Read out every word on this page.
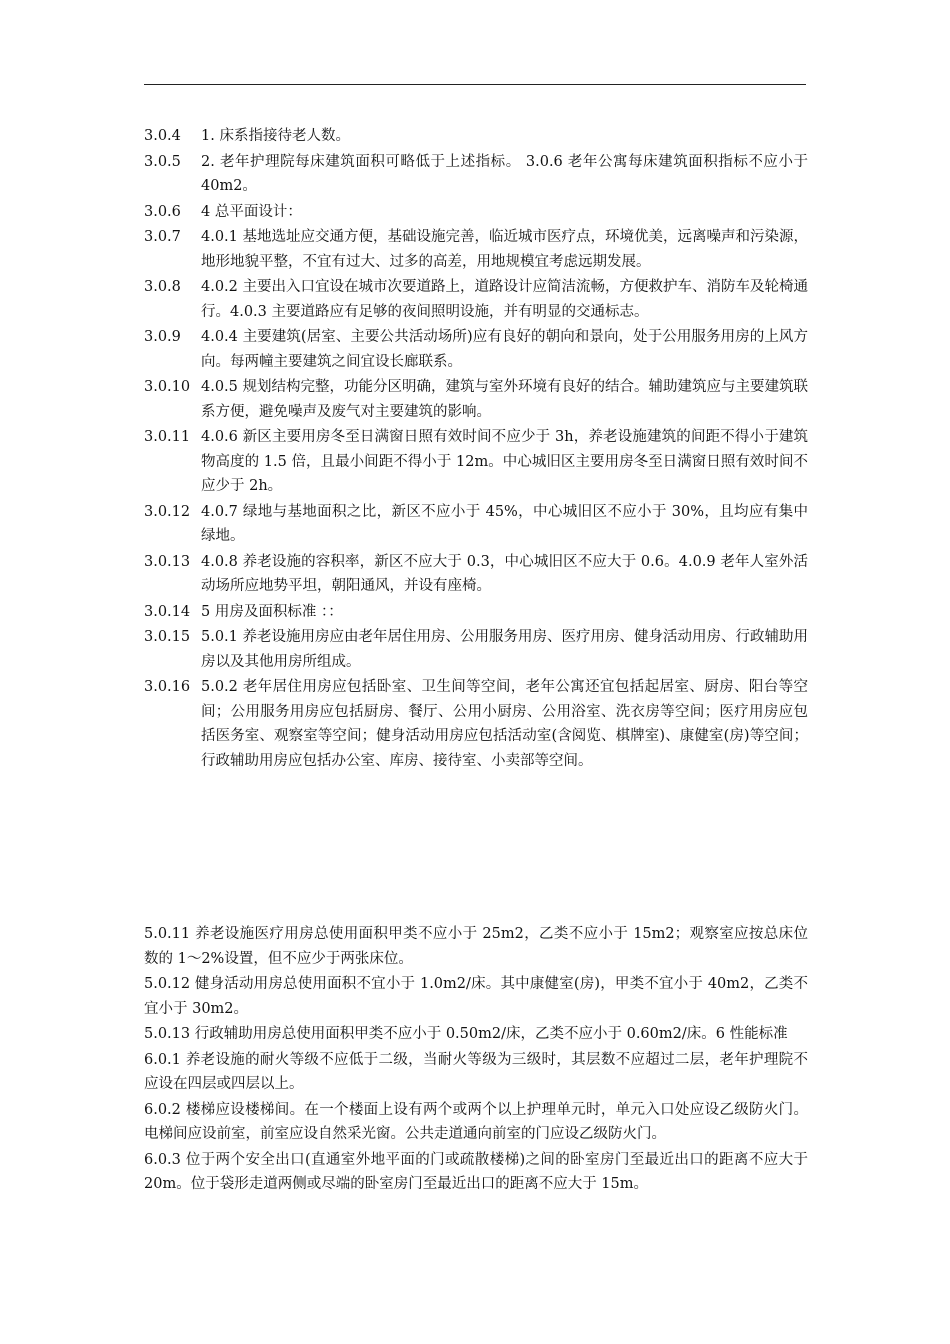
3.0.4	1. 床系指接待老人数。
3.0.5	2. 老年护理院每床建筑面积可略低于上述指标。 3.0.6 老年公寓每床建筑面积指标不应小于 40m2。
3.0.6	4 总平面设计：
3.0.7	4.0.1 基地选址应交通方便，基础设施完善，临近城市医疗点，环境优美，远离噪声和污染源，地形地貌平整，不宜有过大、过多的高差，用地规模宜考虑远期发展。
3.0.8	4.0.2 主要出入口宜设在城市次要道路上，道路设计应简洁流畅，方便救护车、消防车及轮椅通行。4.0.3 主要道路应有足够的夜间照明设施，并有明显的交通标志。
3.0.9	4.0.4 主要建筑(居室、主要公共活动场所)应有良好的朝向和景向，处于公用服务用房的上风方向。每两幢主要建筑之间宜设长廊联系。
3.0.10 4.0.5 规划结构完整，功能分区明确，建筑与室外环境有良好的结合。辅助建筑应与主要建筑联系方便，避免噪声及废气对主要建筑的影响。
3.0.11 4.0.6 新区主要用房冬至日满窗日照有效时间不应少于 3h，养老设施建筑的间距不得小于建筑物高度的 1.5 倍，且最小间距不得小于 12m。中心城旧区主要用房冬至日满窗日照有效时间不应少于 2h。
3.0.12 4.0.7 绿地与基地面积之比，新区不应小于 45%，中心城旧区不应小于 30%，且均应有集中绿地。
3.0.13 4.0.8 养老设施的容积率，新区不应大于 0.3，中心城旧区不应大于 0.6。4.0.9 老年人室外活动场所应地势平坦，朝阳通风，并设有座椅。
3.0.14 5 用房及面积标准 ：：
3.0.15 5.0.1 养老设施用房应由老年居住用房、公用服务用房、医疗用房、健身活动用房、行政辅助用房以及其他用房所组成。
3.0.16 5.0.2 老年居住用房应包括卧室、卫生间等空间，老年公寓还宜包括起居室、厨房、阳台等空间；公用服务用房应包括厨房、餐厅、公用小厨房、公用浴室、洗衣房等空间；医疗用房应包括医务室、观察室等空间；健身活动用房应包括活动室(含阅览、棋牌室)、康健室(房)等空间；行政辅助用房应包括办公室、库房、接待室、小卖部等空间。

5.0.11 养老设施医疗用房总使用面积甲类不应小于 25m2，乙类不应小于 15m2；观察室应按总床位数的 1～2%设置，但不应少于两张床位。

5.0.12 健身活动用房总使用面积不宜小于 1.0m2/床。其中康健室(房)，甲类不宜小于 40m2，乙类不宜小于 30m2。

5.0.13 行政辅助用房总使用面积甲类不应小于 0.50m2/床，乙类不应小于 0.60m2/床。6 性能标准

6.0.1 养老设施的耐火等级不应低于二级，当耐火等级为三级时，其层数不应超过二层，老年护理院不应设在四层或四层以上。

6.0.2 楼梯应设楼梯间。在一个楼面上设有两个或两个以上护理单元时，单元入口处应设乙级防火门。电梯间应设前室，前室应设自然采光窗。公共走道通向前室的门应设乙级防火门。

6.0.3 位于两个安全出口(直通室外地平面的门或疏散楼梯)之间的卧室房门至最近出口的距离不应大于 20m。位于袋形走道两侧或尽端的卧室房门至最近出口的距离不应大于 15m。
